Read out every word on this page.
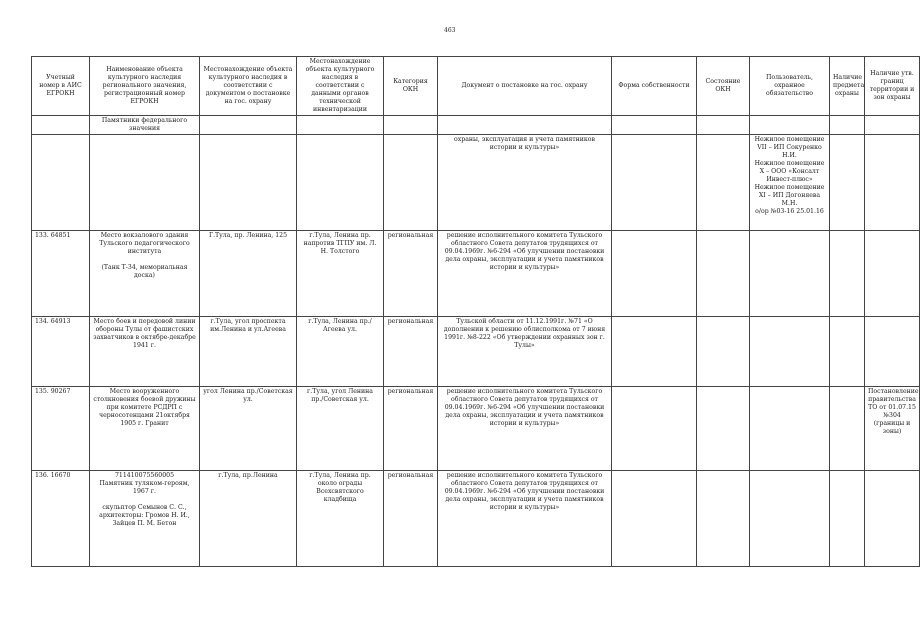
463
Учетный номер в АИС ЕГРОКН	Наименование объекта культурного наследия регионального значения, регистрационный номер ЕГРОКН	Местонахождение объекта культурного наследия в соответствии с документом о постановке на гос. охрану	Местонахождение объекта культурного наследия в соответствии с данными органов технической инвентаризации	Категория ОКН	Документ о постановке на гос. охрану	Форма собственности	Состояние ОКН	Пользователь, охранное обязательство	Наличие предмета охраны	Наличие утв. границ территории и зон охраны
	Памятники федерального значения									
					охраны, эксплуатация и учета памятников истории и культуры»			Нежилое помещение VII – ИП Сокуренко Н.И.
Нежилое помещение X – ООО «Консалт Инвест-плюс»
Нежилое помещение XI – ИП Догоняева М.Н.
о/ор №03-16 25.01.16		
133. 64851	Место вокзалового здания Тульского педагогического института

(Танк Т-34, мемориальная доска)	Г.Тула, пр. Ленина, 125	г.Тула, Ленина пр. напротив ТГПУ им. Л. Н. Толстого	региональная	решение исполнительного комитета Тульского областного Совета депутатов трудящихся от 09.04.1969г. №6-294 «Об улучшении постановки дела охраны, эксплуатации и учета памятников истории и культуры»					
134. 64913	Место боев и передовой линии обороны Тулы от фашистских захватчиков в октябре-декабре 1941 г.	г.Тула, угол проспекта им.Ленина и ул.Агеева	г.Тула, Ленина пр./Агеева ул.	региональная	Тульской области от 11.12.1991г. №71 «О дополнении к решению облисполкома от 7 июня 1991г. №8-222 «Об утверждении охранных зон г. Тулы»					
135. 90267	Место вооруженного столкновения боевой дружины при комитете РСДРП с черносотенцами 21октября 1905 г. Гранит	угол Ленина пр./Советская ул.	г.Тула, угол Ленина пр./Советская ул.	региональная	решение исполнительного комитета Тульского областного Совета депутатов трудящихся от 09.04.1969г. №6-294 «Об улучшении постановки дела охраны, эксплуатации и учета памятников истории и культуры»					Постановление правительства ТО от 01.07.15 №304 (границы и зоны)
136. 16670	711410075560005
Памятник туляком-героям, 1967 г.

скульптор Семынов С. С., архитекторы: Громов Н. И., Зайцев П. М. Бетон	г.Тула, пр.Ленина	г.Тула, Ленина пр. около ограды Всехсвятского кладбища	региональная	решение исполнительного комитета Тульского областного Совета депутатов трудящихся от 09.04.1969г. №6-294 «Об улучшении постановки дела охраны, эксплуатации и учета памятников истории и культуры»					
